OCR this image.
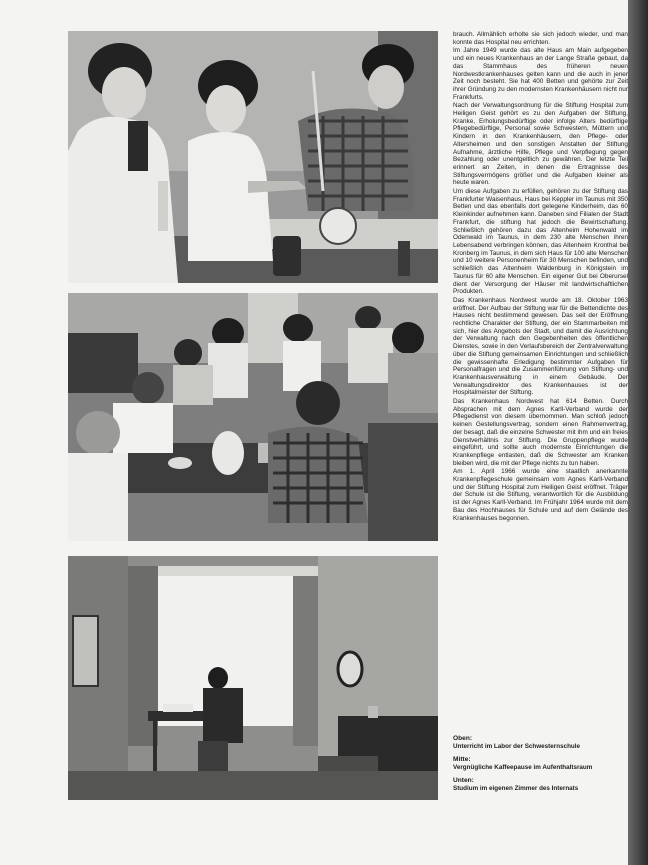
brauch. Allmählich erholte sie sich jedoch wieder, und man konnte das Hospital neu errichten.

Im Jahre 1949 wurde das alte Haus am Main aufgegeben und ein neues Krankenhaus an der Lange Straße gebaut, da das Stammhaus des früheren neuen Nordwestkrankenhauses gelten kann und die auch in jener Zeit noch besteht. Sie hat 400 Betten und gehörte zur Zeit ihrer Gründung zu den modernsten Krankenhäusern nicht nur Frankfurts.

Nach der Verwaltungsordnung für die Stiftung Hospital zum Heiligen Geist gehört es zu den Aufgaben der Stiftung, Kranke, Erholungsbedürftige oder infolge Alters bedürftige Pflegebedürftige, Personal sowie Schwestern, Müttern und Kindern in den Krankenhäusern, den Pflege- oder Altersheimen und den sonstigen Anstalten der Stiftung Aufnahme, ärztliche Hilfe, Pflege und Verpflegung gegen Bezahlung oder unentgeltlich zu gewähren. Der letzte Teil erinnert an Zeiten, in denen die Ertragnisse des Stiftungsvermögens größer und die Aufgaben kleiner als heute waren.

Um diese Aufgaben zu erfüllen, gehören zu der Stiftung das Frankfurter Waisenhaus, Haus bei Keppler im Taunus mit 350 Betten und das ebenfalls dort gelegene Kinderheim, das 60 Kleinkinder aufnehmen kann. Daneben sind Filialen der Stadt Frankfurt, die stiftung hat jedoch die Bewirtschaftung. Schließlich gehören dazu das Altenheim Hohenwald im Odenwald im Taunus, in dem 230 alte Menschen ihren Lebensabend verbringen können, das Altenheim Kronthal bei Kronberg im Taunus, in dem sich Haus für 100 alte Menschen und 10 weitere Personenheim für 30 Menschen befinden, und schließlich das Altenheim Waldenburg in Königstein im Taunus für 60 alte Menschen. Ein eigener Gut bei Oberursel dient der Versorgung der Häuser mit landwirtschaftlichen Produkten.

Das Krankenhaus Nordwest wurde am 18. Oktober 1963 eröffnet. Der Aufbau der Stiftung war für die Bettendichte des Hauses nicht bestimmend gewesen. Das seit der Eröffnung rechtliche Charakter der Stiftung, der ein Stammarbeiten mit sich, hier des Angebots der Stadt, und damit die Ausrichtung der Verwaltung nach den Gegebenheiten des öffentlichen Dienstes, sowie in den Verlaufsbereich der Zentralverwaltung über die Stiftung gemeinsamen Einrichtungen und schließlich die gewissenhafte Erledigung bestimmter Aufgaben für Personalfragen und die Zusammenführung von Stiftung- und Krankenhausverwaltung in einem Gebäude. Der Verwaltungsdirektor des Krankenhauses ist der Hospitalmeister der Stiftung.

Das Krankenhaus Nordwest hat 614 Betten. Durch Absprachen mit dem Agnes Karll-Verband wurde der Pflegedienst von diesem übernommen. Man schloß jedoch keinen Gestellungsvertrag, sondern einen Rahmenvertrag, der besagt, daß die einzelne Schwester mit ihm und ein freies Dienstverhältnis zur Stiftung. Die Gruppenpflege wurde eingeführt, und sollte auch modernste Einrichtungen die Krankenpflege entlasten, daß die Schwester am Kranken bleiben wird, die mit der Pflege nichts zu tun haben.

Am 1. April 1966 wurde eine staatlich anerkannte Krankenpflegeschule gemeinsam vom Agnes Karll-Verband und der Stiftung Hospital zum Heiligen Geist eröffnet. Träger der Schule ist die Stiftung, verantwortlich für die Ausbildung ist der Agnes Karll-Verband. Im Frühjahr 1964 wurde mit dem Bau des Hochhauses für Schule und auf dem Gelände des Krankenhauses begonnen.

Oben:

Unterricht im Labor der Schwesternschule

Mitte:

Vergnügliche Kaffeepause im Aufenthaltsraum

Unten:

Studium im eigenen Zimmer des Internats
